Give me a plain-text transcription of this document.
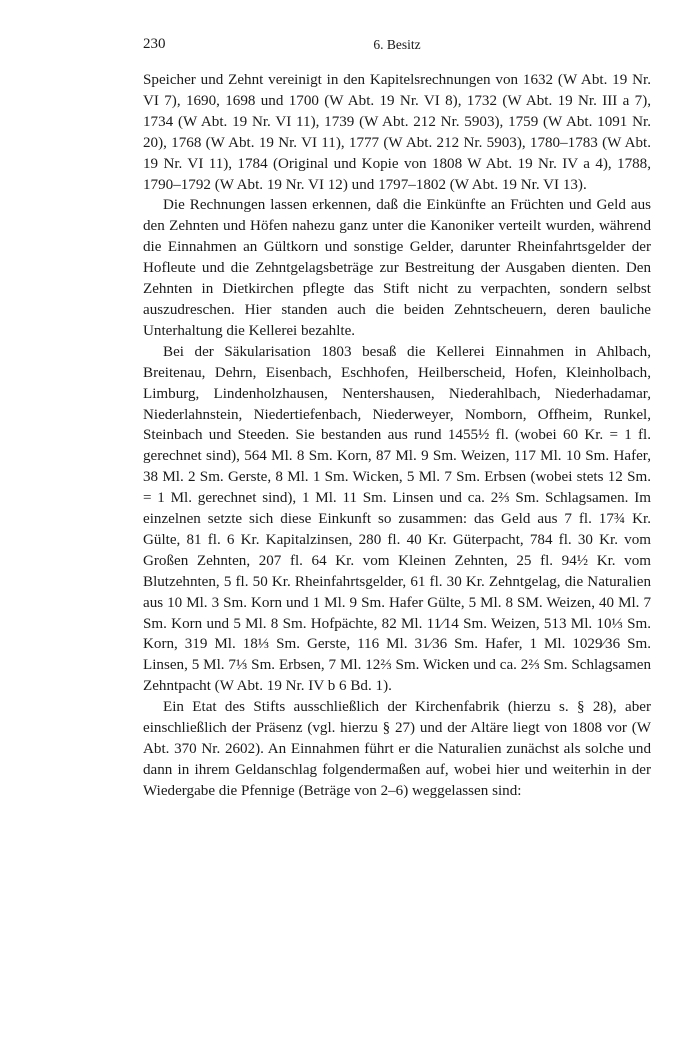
230	6. Besitz

Speicher und Zehnt vereinigt in den Kapitelsrechnungen von 1632 (W Abt. 19 Nr. VI 7), 1690, 1698 und 1700 (W Abt. 19 Nr. VI 8), 1732 (W Abt. 19 Nr. III a 7), 1734 (W Abt. 19 Nr. VI 11), 1739 (W Abt. 212 Nr. 5903), 1759 (W Abt. 1091 Nr. 20), 1768 (W Abt. 19 Nr. VI 11), 1777 (W Abt. 212 Nr. 5903), 1780–1783 (W Abt. 19 Nr. VI 11), 1784 (Original und Kopie von 1808 W Abt. 19 Nr. IV a 4), 1788, 1790–1792 (W Abt. 19 Nr. VI 12) und 1797–1802 (W Abt. 19 Nr. VI 13).

Die Rechnungen lassen erkennen, daß die Einkünfte an Früchten und Geld aus den Zehnten und Höfen nahezu ganz unter die Kanoniker verteilt wurden, während die Einnahmen an Gültkorn und sonstige Gelder, darunter Rheinfahrtsgelder der Hofleute und die Zehntgelagsbeträge zur Bestreitung der Ausgaben dienten. Den Zehnten in Dietkirchen pflegte das Stift nicht zu verpachten, sondern selbst auszudreschen. Hier standen auch die beiden Zehntscheuern, deren bauliche Unterhaltung die Kellerei bezahlte.

Bei der Säkularisation 1803 besaß die Kellerei Einnahmen in Ahlbach, Breitenau, Dehrn, Eisenbach, Eschhofen, Heilberscheid, Hofen, Kleinholbach, Limburg, Lindenholzhausen, Nentershausen, Niederahlbach, Niederhadamar, Niederlahnstein, Niedertiefenbach, Niederweyer, Nomborn, Offheim, Runkel, Steinbach und Steeden. Sie bestanden aus rund 1455½ fl. (wobei 60 Kr. = 1 fl. gerechnet sind), 564 Ml. 8 Sm. Korn, 87 Ml. 9 Sm. Weizen, 117 Ml. 10 Sm. Hafer, 38 Ml. 2 Sm. Gerste, 8 Ml. 1 Sm. Wicken, 5 Ml. 7 Sm. Erbsen (wobei stets 12 Sm. = 1 Ml. gerechnet sind), 1 Ml. 11 Sm. Linsen und ca. 2⅔ Sm. Schlagsamen. Im einzelnen setzte sich diese Einkunft so zusammen: das Geld aus 7 fl. 17¾ Kr. Gülte, 81 fl. 6 Kr. Kapitalzinsen, 280 fl. 40 Kr. Güterpacht, 784 fl. 30 Kr. vom Großen Zehnten, 207 fl. 64 Kr. vom Kleinen Zehnten, 25 fl. 94½ Kr. vom Blutzehnten, 5 fl. 50 Kr. Rheinfahrtsgelder, 61 fl. 30 Kr. Zehntgelag, die Naturalien aus 10 Ml. 3 Sm. Korn und 1 Ml. 9 Sm. Hafer Gülte, 5 Ml. 8 SM. Weizen, 40 Ml. 7 Sm. Korn und 5 Ml. 8 Sm. Hofpächte, 82 Ml. 11⁄14 Sm. Weizen, 513 Ml. 10⅓ Sm. Korn, 319 Ml. 18⅓ Sm. Gerste, 116 Ml. 31⁄36 Sm. Hafer, 1 Ml. 1029⁄36 Sm. Linsen, 5 Ml. 7⅓ Sm. Erbsen, 7 Ml. 12⅔ Sm. Wicken und ca. 2⅔ Sm. Schlagsamen Zehntpacht (W Abt. 19 Nr. IV b 6 Bd. 1).

Ein Etat des Stifts ausschließlich der Kirchenfabrik (hierzu s. § 28), aber einschließlich der Präsenz (vgl. hierzu § 27) und der Altäre liegt von 1808 vor (W Abt. 370 Nr. 2602). An Einnahmen führt er die Naturalien zunächst als solche und dann in ihrem Geldanschlag folgendermaßen auf, wobei hier und weiterhin in der Wiedergabe die Pfennige (Beträge von 2–6) weggelassen sind:
